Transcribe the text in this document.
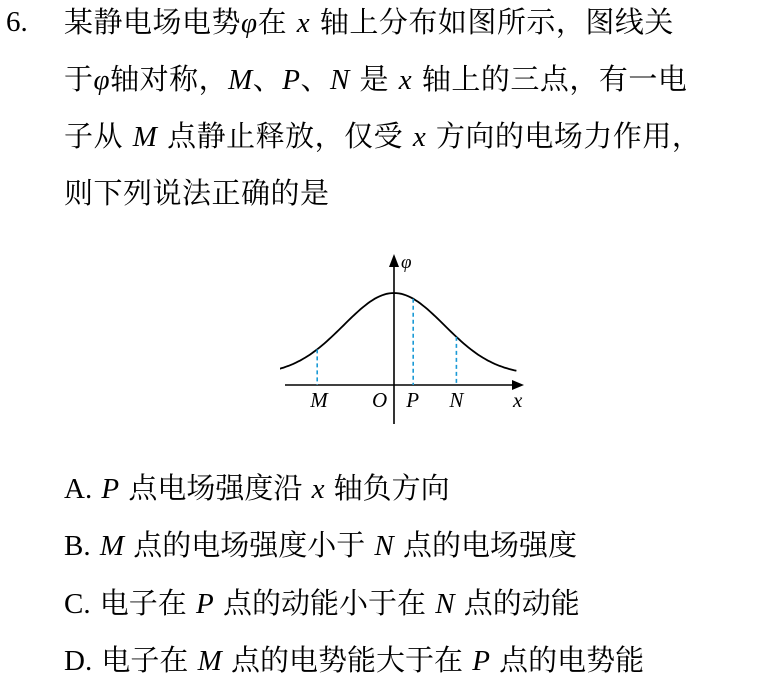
6. 某静电场电势φ在 x 轴上分布如图所示，图线关
于φ轴对称，M、P、N 是 x 轴上的三点，有一电
子从 M 点静止释放，仅受 x 方向的电场力作用，
则下列说法正确的是
M	P N
φ
x
O
A. P 点电场强度沿 x 轴负方向
B. M 点的电场强度小于 N 点的电场强度
C. 电子在 P 点的动能小于在 N 点的动能
D. 电子在 M 点的电势能大于在 P 点的电势能
